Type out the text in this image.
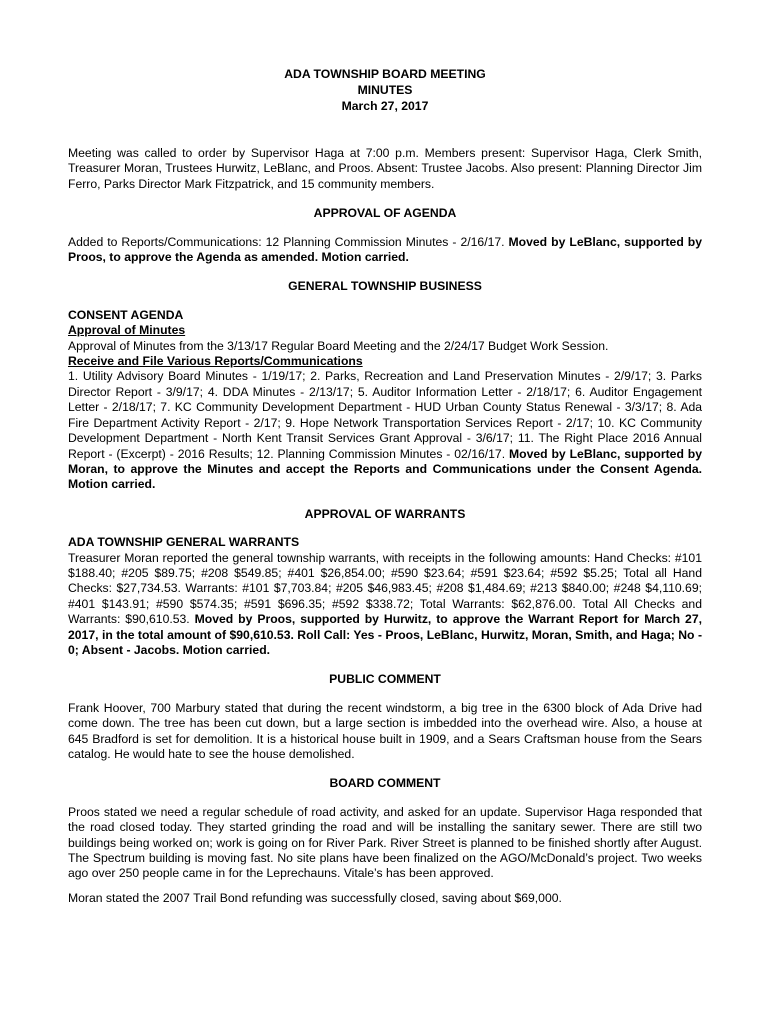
ADA TOWNSHIP BOARD MEETING
MINUTES
March 27, 2017

Meeting was called to order by Supervisor Haga at 7:00 p.m. Members present: Supervisor Haga, Clerk Smith, Treasurer Moran, Trustees Hurwitz, LeBlanc, and Proos. Absent: Trustee Jacobs. Also present: Planning Director Jim Ferro, Parks Director Mark Fitzpatrick, and 15 community members.

APPROVAL OF AGENDA

Added to Reports/Communications: 12 Planning Commission Minutes - 2/16/17. Moved by LeBlanc, supported by Proos, to approve the Agenda as amended. Motion carried.

GENERAL TOWNSHIP BUSINESS
CONSENT AGENDA
Approval of Minutes

Approval of Minutes from the 3/13/17 Regular Board Meeting and the 2/24/17 Budget Work Session.

Receive and File Various Reports/Communications

1. Utility Advisory Board Minutes - 1/19/17; 2. Parks, Recreation and Land Preservation Minutes - 2/9/17; 3. Parks Director Report - 3/9/17; 4. DDA Minutes - 2/13/17; 5. Auditor Information Letter - 2/18/17; 6. Auditor Engagement Letter - 2/18/17; 7. KC Community Development Department - HUD Urban County Status Renewal - 3/3/17; 8. Ada Fire Department Activity Report - 2/17; 9. Hope Network Transportation Services Report - 2/17; 10. KC Community Development Department - North Kent Transit Services Grant Approval - 3/6/17; 11. The Right Place 2016 Annual Report - (Excerpt) - 2016 Results; 12. Planning Commission Minutes - 02/16/17. Moved by LeBlanc, supported by Moran, to approve the Minutes and accept the Reports and Communications under the Consent Agenda. Motion carried.

APPROVAL OF WARRANTS
ADA TOWNSHIP GENERAL WARRANTS

Treasurer Moran reported the general township warrants, with receipts in the following amounts: Hand Checks: #101 $188.40; #205 $89.75; #208 $549.85; #401 $26,854.00; #590 $23.64; #591 $23.64; #592 $5.25; Total all Hand Checks: $27,734.53. Warrants: #101 $7,703.84; #205 $46,983.45; #208 $1,484.69; #213 $840.00; #248 $4,110.69; #401 $143.91; #590 $574.35; #591 $696.35; #592 $338.72; Total Warrants: $62,876.00. Total All Checks and Warrants: $90,610.53. Moved by Proos, supported by Hurwitz, to approve the Warrant Report for March 27, 2017, in the total amount of $90,610.53. Roll Call: Yes - Proos, LeBlanc, Hurwitz, Moran, Smith, and Haga; No - 0; Absent - Jacobs. Motion carried.

PUBLIC COMMENT

Frank Hoover, 700 Marbury stated that during the recent windstorm, a big tree in the 6300 block of Ada Drive had come down. The tree has been cut down, but a large section is imbedded into the overhead wire. Also, a house at 645 Bradford is set for demolition. It is a historical house built in 1909, and a Sears Craftsman house from the Sears catalog. He would hate to see the house demolished.

BOARD COMMENT

Proos stated we need a regular schedule of road activity, and asked for an update. Supervisor Haga responded that the road closed today. They started grinding the road and will be installing the sanitary sewer. There are still two buildings being worked on; work is going on for River Park. River Street is planned to be finished shortly after August. The Spectrum building is moving fast. No site plans have been finalized on the AGO/McDonald’s project. Two weeks ago over 250 people came in for the Leprechauns. Vitale’s has been approved.

Moran stated the 2007 Trail Bond refunding was successfully closed, saving about $69,000.
